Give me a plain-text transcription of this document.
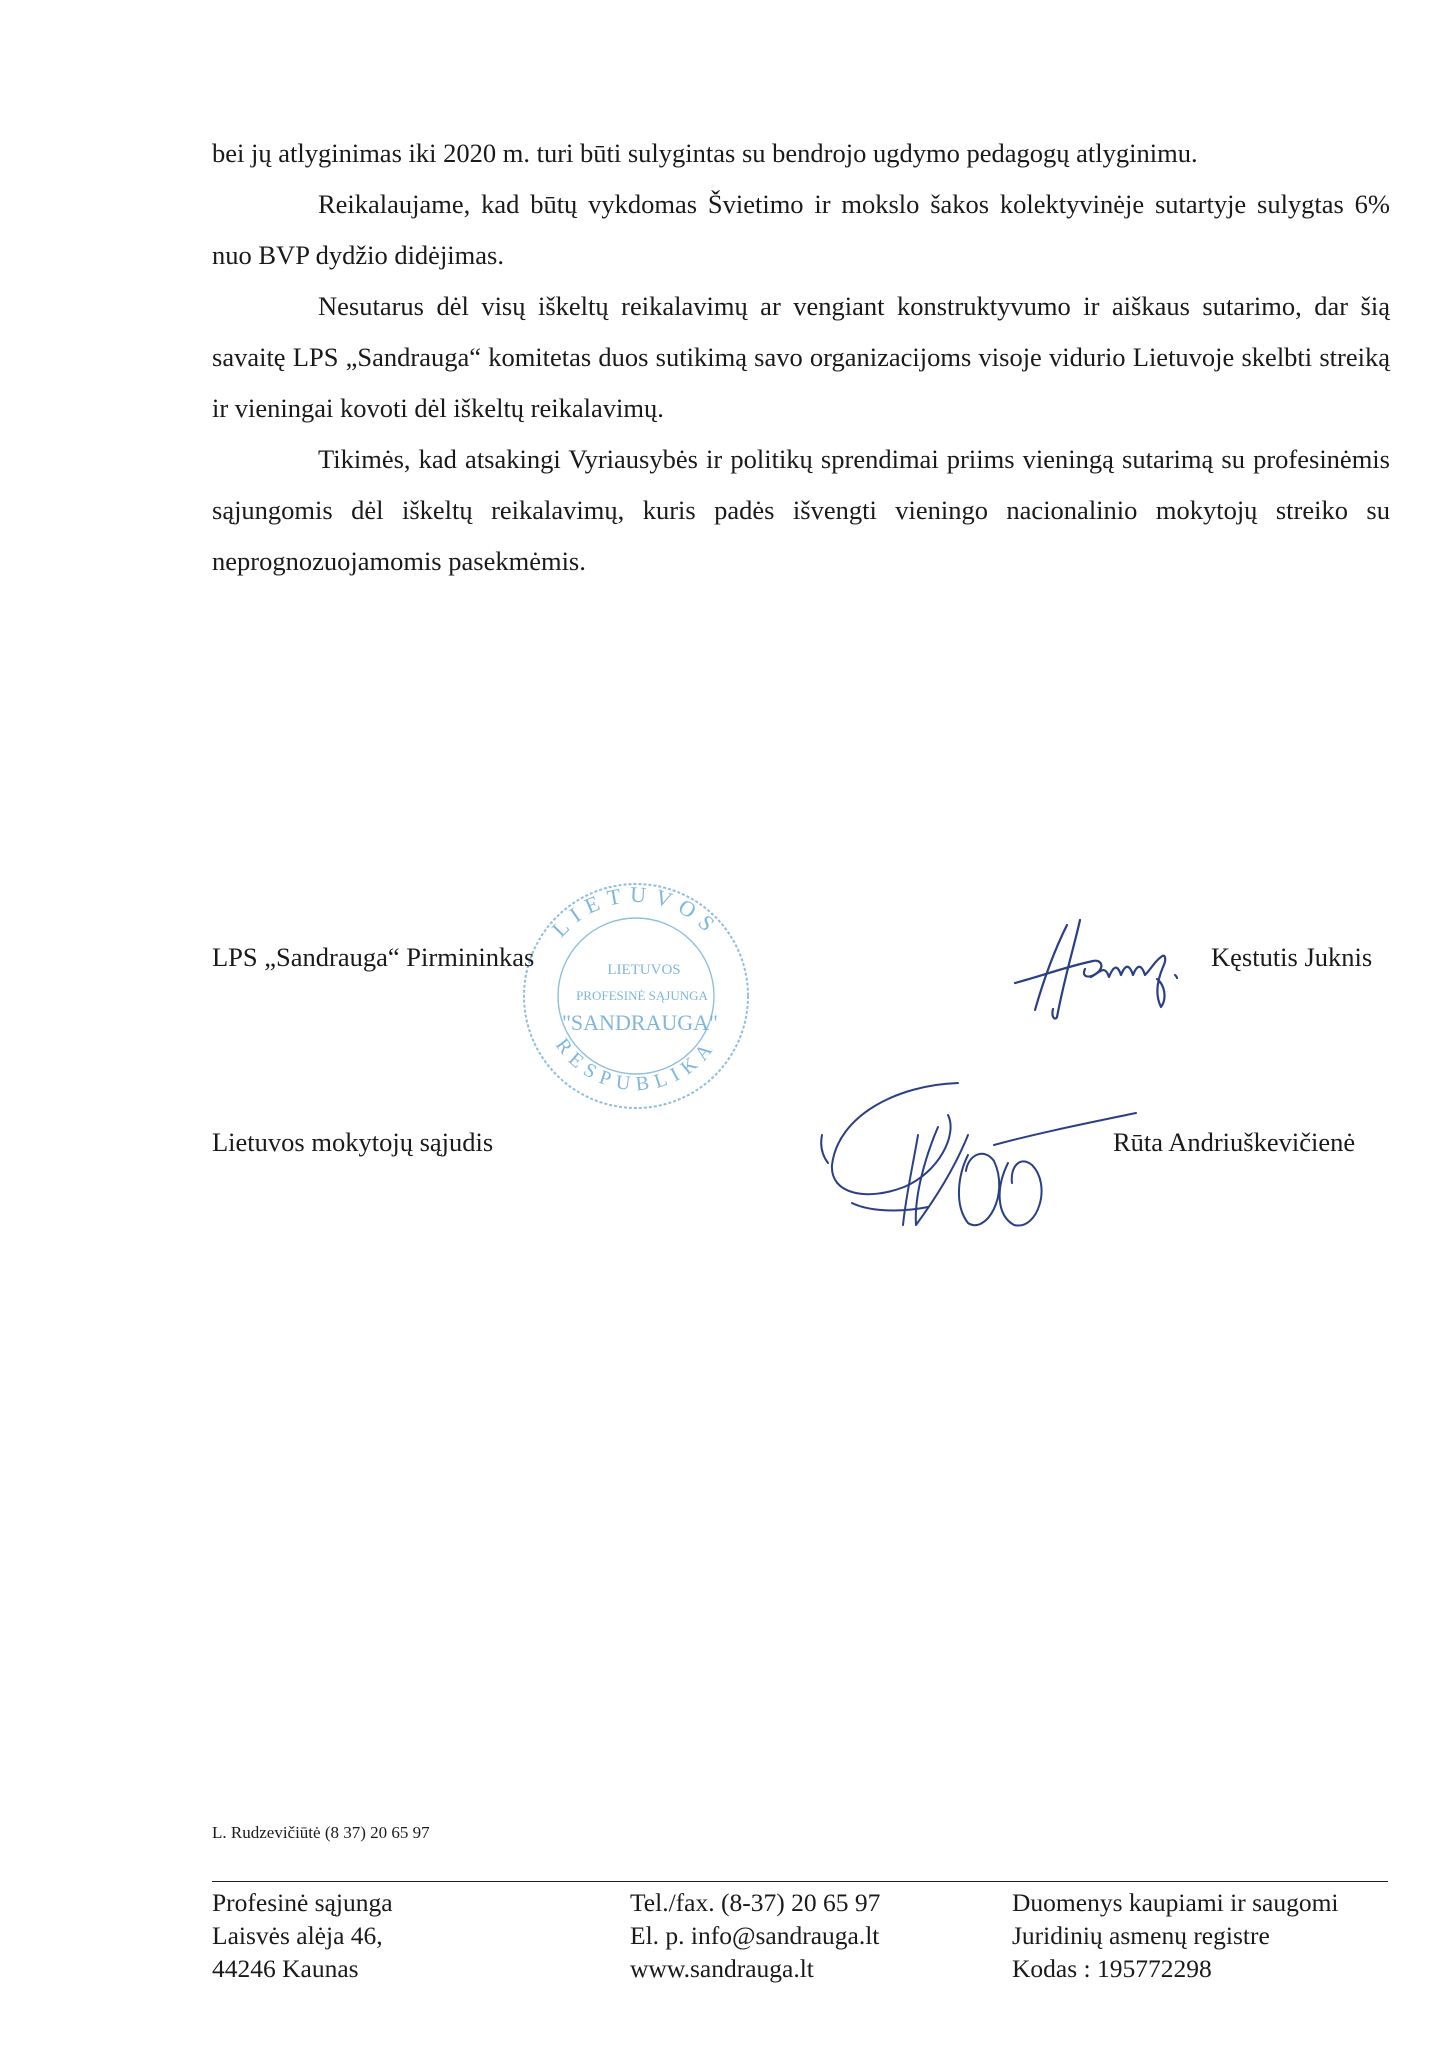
bei jų atlyginimas iki 2020 m. turi būti sulygintas su bendrojo ugdymo pedagogų atlyginimu.

Reikalaujame, kad būtų vykdomas Švietimo ir mokslo šakos kolektyvinėje sutartyje sulygtas 6% nuo BVP dydžio didėjimas.

Nesutarus dėl visų iškeltų reikalavimų ar vengiant konstruktyvumo ir aiškaus sutarimo, dar šią savaitę LPS „Sandrauga“ komitetas duos sutikimą savo organizacijoms visoje vidurio Lietuvoje skelbti streiką ir vieningai kovoti dėl iškeltų reikalavimų.

Tikimės, kad atsakingi Vyriausybės ir politikų sprendimai priims vieningą sutarimą su profesinėmis sąjungomis dėl iškeltų reikalavimų, kuris padės išvengti vieningo nacionalinio mokytojų streiko su neprognozuojamomis pasekmėmis.

LIETUVOS
RESPUBLIKA
LIETUVOS
PROFESINĖ SĄJUNGA
"SANDRAUGA"
LPS „Sandrauga“ Pirmininkas	Kęstutis Juknis
Lietuvos mokytojų sąjudis	Rūta Andriuškevičienė
L. Rudzevičiūtė (8 37) 20 65 97
Profesinė sąjunga
Laisvės alėja 46,
44246 Kaunas
Tel./fax. (8-37) 20 65 97
El. p. info@sandrauga.lt
www.sandrauga.lt
Duomenys kaupiami ir saugomi
Juridinių asmenų registre
Kodas : 195772298
